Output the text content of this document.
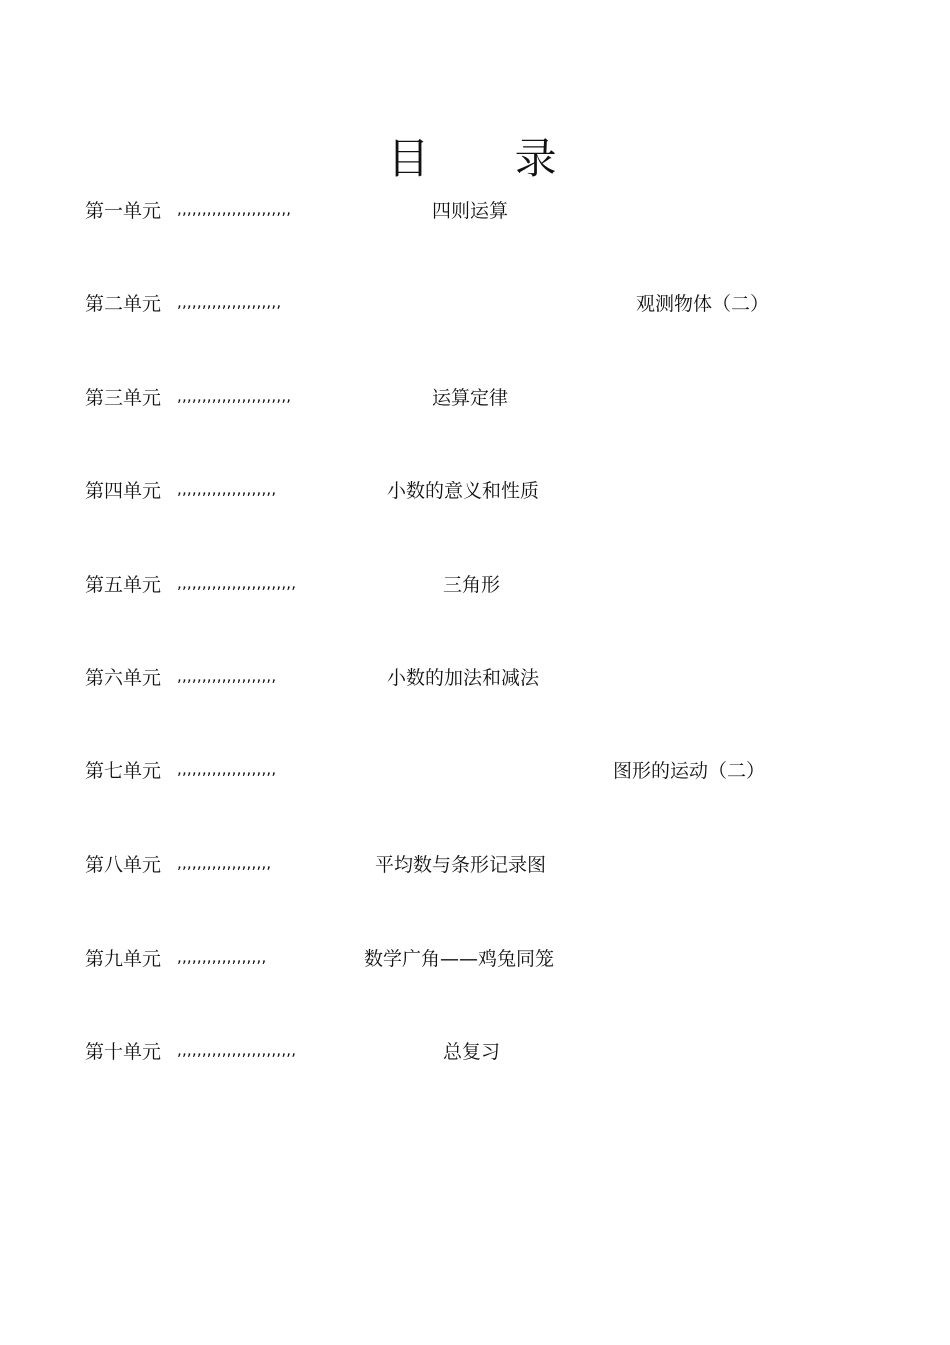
目 录
第一单元 ,,,,,,,,,,,,,,,,,,,,,,,	四则运算
第二单元 ,,,,,,,,,,,,,,,,,,,,,	观测物体（二）
第三单元 ,,,,,,,,,,,,,,,,,,,,,,,	运算定律
第四单元 ,,,,,,,,,,,,,,,,,,,,	小数的意义和性质
第五单元 ,,,,,,,,,,,,,,,,,,,,,,,,	三角形
第六单元 ,,,,,,,,,,,,,,,,,,,,	小数的加法和减法
第七单元 ,,,,,,,,,,,,,,,,,,,,	图形的运动（二）
第八单元 ,,,,,,,,,,,,,,,,,,,	平均数与条形记录图
第九单元 ,,,,,,,,,,,,,,,,,,	数学广角——鸡兔同笼
第十单元 ,,,,,,,,,,,,,,,,,,,,,,,,	总复习
